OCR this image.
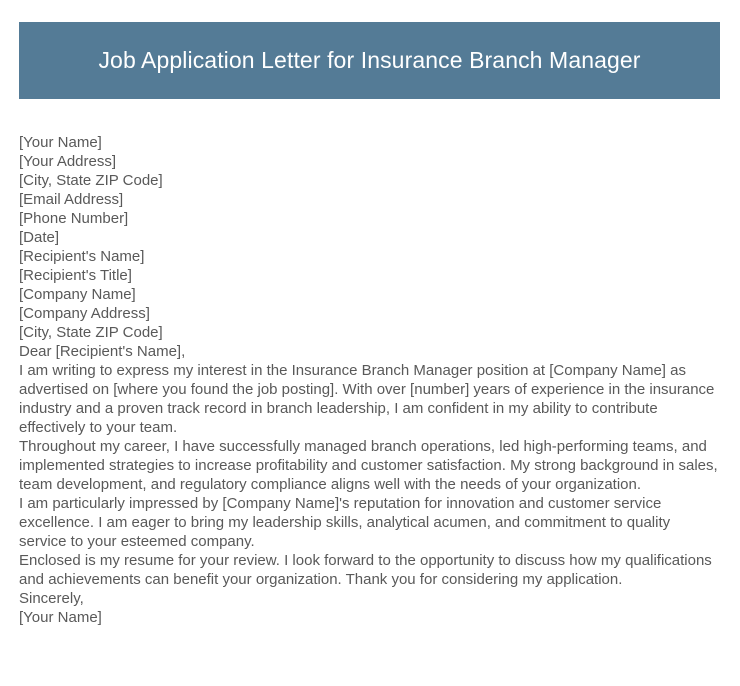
Job Application Letter for Insurance Branch Manager
[Your Name]
[Your Address]
[City, State ZIP Code]
[Email Address]
[Phone Number]
[Date]
[Recipient's Name]
[Recipient's Title]
[Company Name]
[Company Address]
[City, State ZIP Code]
Dear [Recipient's Name],

I am writing to express my interest in the Insurance Branch Manager position at [Company Name] as advertised on [where you found the job posting]. With over [number] years of experience in the insurance industry and a proven track record in branch leadership, I am confident in my ability to contribute effectively to your team.

Throughout my career, I have successfully managed branch operations, led high-performing teams, and implemented strategies to increase profitability and customer satisfaction. My strong background in sales, team development, and regulatory compliance aligns well with the needs of your organization.

I am particularly impressed by [Company Name]'s reputation for innovation and customer service excellence. I am eager to bring my leadership skills, analytical acumen, and commitment to quality service to your esteemed company.

Enclosed is my resume for your review. I look forward to the opportunity to discuss how my qualifications and achievements can benefit your organization. Thank you for considering my application.

Sincerely,
[Your Name]
